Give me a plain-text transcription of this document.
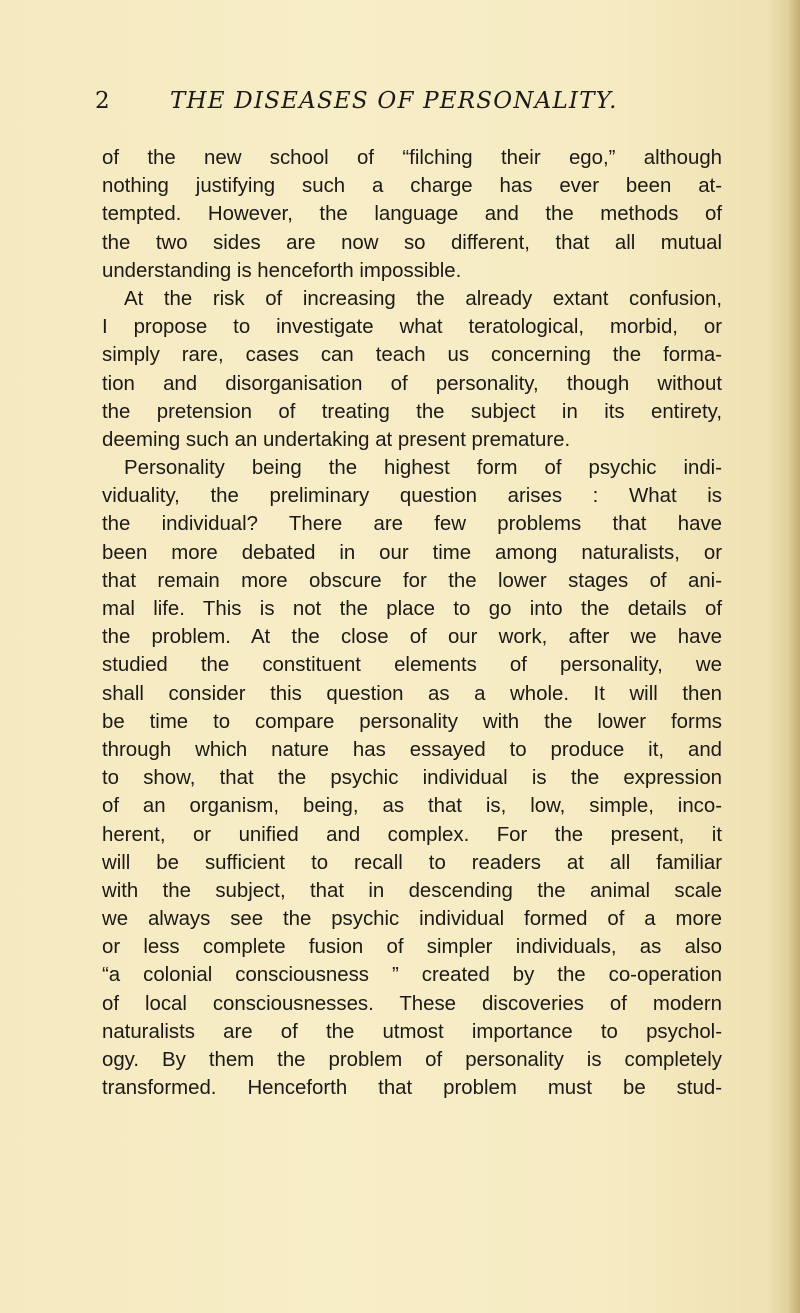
2	THE DISEASES OF PERSONALITY.
of the new school of “filching their ego,” although
nothing justifying such a charge has ever been at-
tempted. However, the language and the methods of
the two sides are now so different, that all mutual
understanding is henceforth impossible.
At the risk of increasing the already extant confusion,
I propose to investigate what teratological, morbid, or
simply rare, cases can teach us concerning the forma-
tion and disorganisation of personality, though without
the pretension of treating the subject in its entirety,
deeming such an undertaking at present premature.
Personality being the highest form of psychic indi-
viduality, the preliminary question arises : What is
the individual? There are few problems that have
been more debated in our time among naturalists, or
that remain more obscure for the lower stages of ani-
mal life. This is not the place to go into the details of
the problem. At the close of our work, after we have
studied the constituent elements of personality, we
shall consider this question as a whole. It will then
be time to compare personality with the lower forms
through which nature has essayed to produce it, and
to show, that the psychic individual is the expression
of an organism, being, as that is, low, simple, inco-
herent, or unified and complex. For the present, it
will be sufficient to recall to readers at all familiar
with the subject, that in descending the animal scale
we always see the psychic individual formed of a more
or less complete fusion of simpler individuals, as also
“a colonial consciousness ” created by the co-operation
of local consciousnesses. These discoveries of modern
naturalists are of the utmost importance to psychol-
ogy. By them the problem of personality is completely
transformed. Henceforth that problem must be stud-
